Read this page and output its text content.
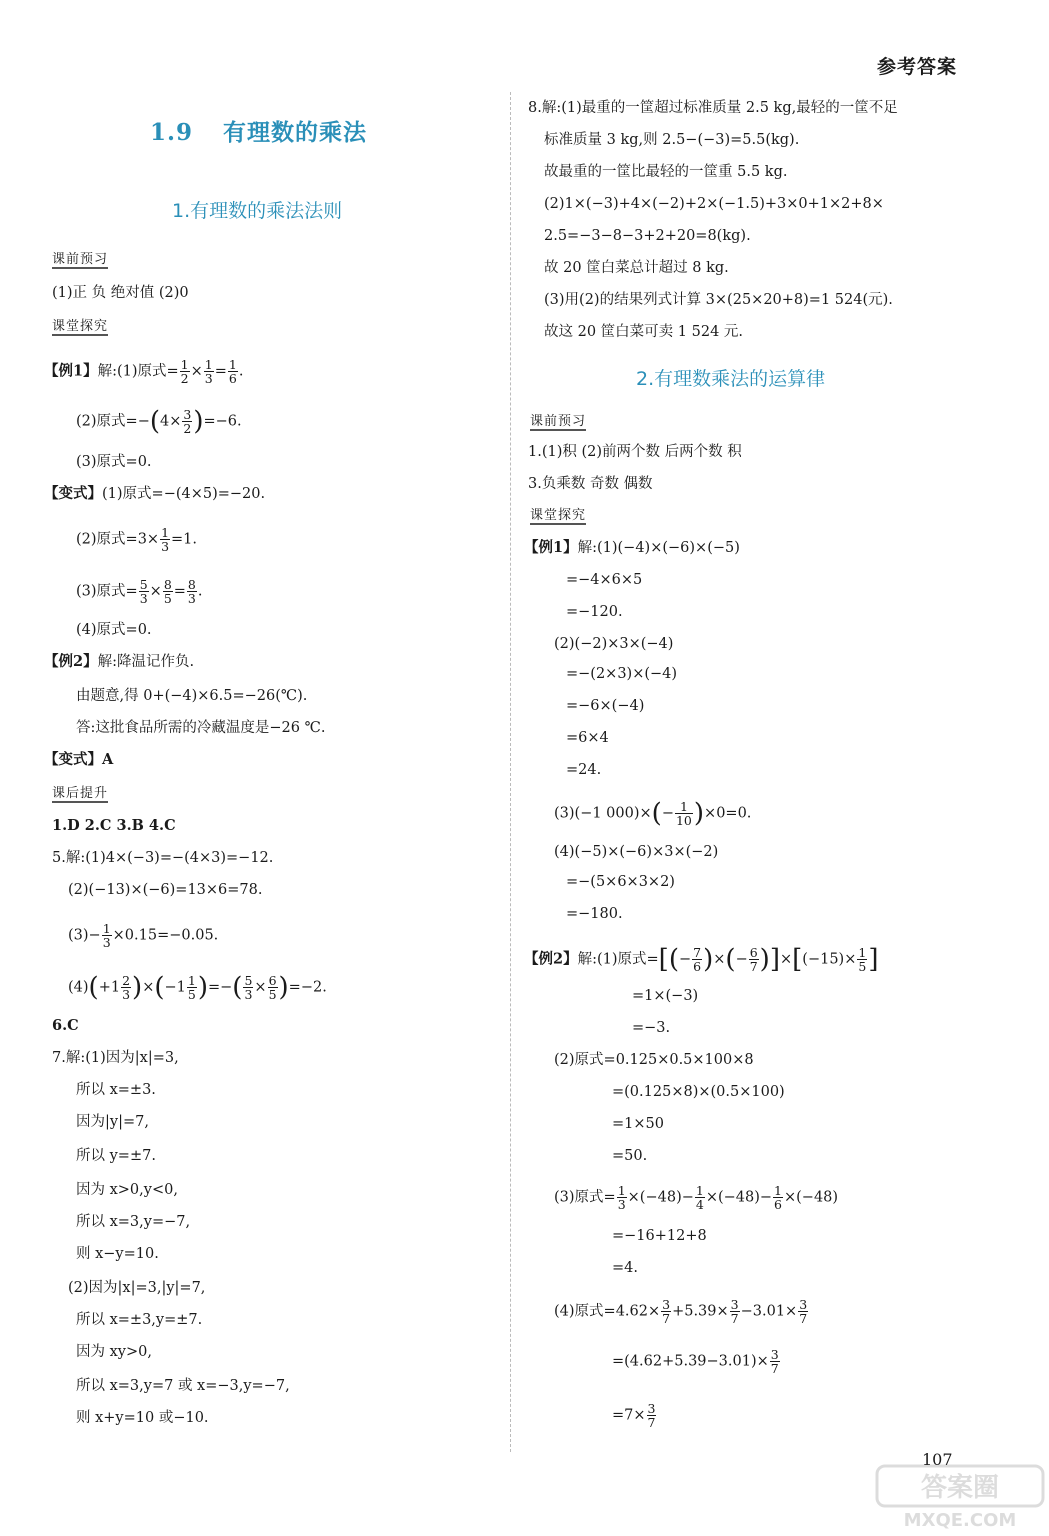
参考答案
1.9 有理数的乘法
1.有理数的乘法法则
课前预习
(1)正 负 绝对值 (2)0
课堂探究
【例1】解:(1)原式= $\frac{1}{2} \times \frac{1}{3} = \frac{1}{6}$ .
(2)原式$=-(4\times \frac{3}{2} )=-6$.
(3)原式=0.
【变式】(1)原式=−(4×5)=−20.
(2)原式$=3\times \frac{1}{3} =1$.
(3)原式= $\frac{5}{3} \times \frac{8}{5} = \frac{8}{3}$ .
(4)原式=0.
【例2】解:降温记作负.
由题意,得 0+(−4)×6.5=−26(℃).
答:这批食品所需的冷藏温度是−26 ℃.
【变式】A
课后提升
1.D 2.C 3.B 4.C
5.解:(1)4×(−3)=−(4×3)=−12.
(2)(−13)×(−6)=13×6=78.
$(3)- \frac{1}{3} \times 0.15=-0.05$.
$(4)(+1 \frac{2}{3} )\times(-1 \frac{1}{5}$ )=−( $\frac{5}{3} \times \frac{6}{5} )=-2$.
6.C
7.解:(1)因为|x|=3,
所以 x=±3.
因为|y|=7,
所以 y=±7.
因为 x>0,y<0,
所以 x=3,y=−7,
则 x−y=10.
(2)因为|x|=3,|y|=7,
所以 x=±3,y=±7.
因为 xy>0,
所以 x=3,y=7 或 x=−3,y=−7,
则 x+y=10 或−10.
8.解:(1)最重的一筐超过标准质量 2.5 kg,最轻的一筐不足
标准质量 3 kg,则 2.5−(−3)=5.5(kg).
故最重的一筐比最轻的一筐重 5.5 kg.
(2)1×(−3)+4×(−2)+2×(−1.5)+3×0+1×2+8×
2.5=−3−8−3+2+20=8(kg).
故 20 筐白菜总计超过 8 kg.
(3)用(2)的结果列式计算 3×(25×20+8)=1 524(元).
故这 20 筐白菜可卖 1 524 元.
2.有理数乘法的运算律
课前预习
1.(1)积 (2)前两个数 后两个数 积
3.负乘数 奇数 偶数
课堂探究
【例1】解:(1)(−4)×(−6)×(−5)
=−4×6×5
=−120.
(2)(−2)×3×(−4)
=−(2×3)×(−4)
=−6×(−4)
=6×4
=24.
(3)(−1 $000)\times(- \frac{1}{10} )\times 0=0$.
(4)(−5)×(−6)×3×(−2)
=−(5×6×3×2)
=−180.
【例2】解:(1)原式=[(− $\frac{7}{6}$ )×(− $\frac{6}{7} )]\times[(-15)\times \frac{1}{5}$ ]
=1×(−3)
=−3.
(2)原式=0.125×0.5×100×8
=(0.125×8)×(0.5×100)
=1×50
=50.
(3)原式= $\frac{1}{3} \times(-48)- \frac{1}{4} \times(-48)- \frac{1}{6} \times(-48)$
=−16+12+8
=4.
(4)原式$=4.62\times \frac{3}{7} +5.39\times \frac{3}{7} -3.01\times \frac{3}{7}$
$=(4.62+5.39-3.01)\times \frac{3}{7}$
$=7\times \frac{3}{7}$
107
答案圈
MXQE.COM
